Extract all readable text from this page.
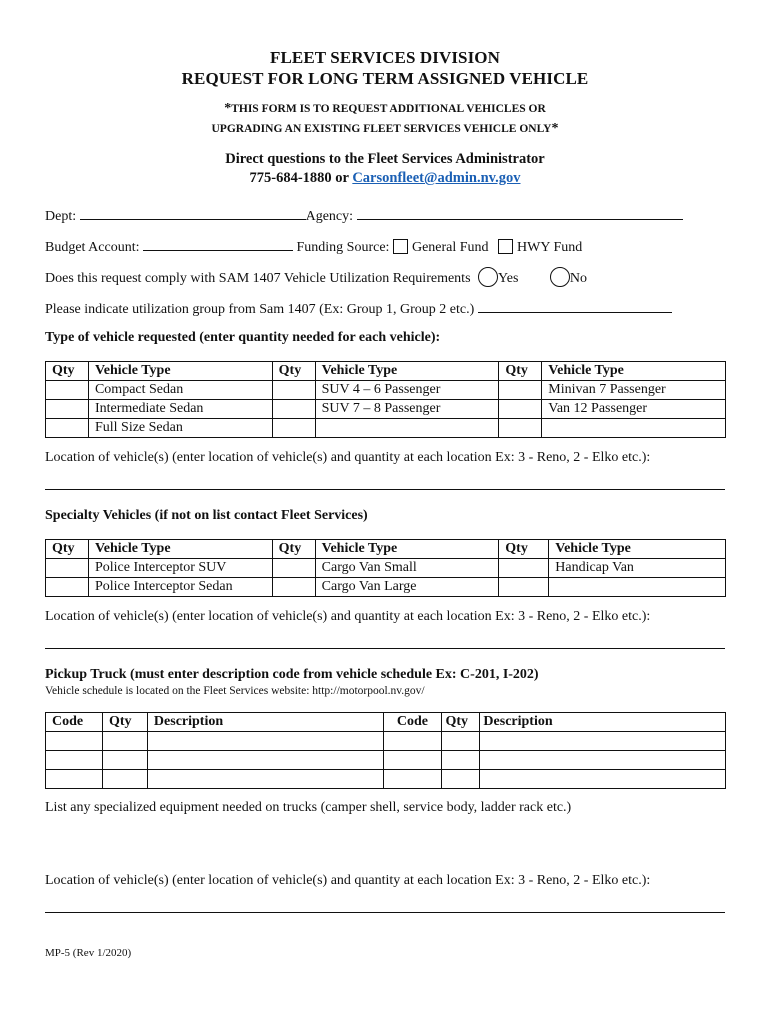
FLEET SERVICES DIVISION
REQUEST FOR LONG TERM ASSIGNED VEHICLE
*THIS FORM IS TO REQUEST ADDITIONAL VEHICLES OR
UPGRADING AN EXISTING FLEET SERVICES VEHICLE ONLY*
Direct questions to the Fleet Services Administrator
775-684-1880 or Carsonfleet@admin.nv.gov
Dept:	Agency:
Budget Account:	Funding Source: General Fund HWY Fund
Does this request comply with SAM 1407 Vehicle Utilization Requirements Yes	No
Please indicate utilization group from Sam 1407 (Ex: Group 1, Group 2 etc.)
Type of vehicle requested (enter quantity needed for each vehicle):
Qty	Vehicle Type	Qty	Vehicle Type	Qty	Vehicle Type
	Compact Sedan		SUV 4 – 6 Passenger		Minivan 7 Passenger
	Intermediate Sedan		SUV 7 – 8 Passenger		Van 12 Passenger
	Full Size Sedan				
Location of vehicle(s) (enter location of vehicle(s) and quantity at each location Ex: 3 - Reno, 2 - Elko etc.):
Specialty Vehicles (if not on list contact Fleet Services)
Qty	Vehicle Type	Qty	Vehicle Type	Qty	Vehicle Type
	Police Interceptor SUV		Cargo Van Small		Handicap Van
	Police Interceptor Sedan		Cargo Van Large		
Location of vehicle(s) (enter location of vehicle(s) and quantity at each location Ex: 3 - Reno, 2 - Elko etc.):
Pickup Truck (must enter description code from vehicle schedule Ex: C-201, I-202)
Vehicle schedule is located on the Fleet Services website: http://motorpool.nv.gov/
Code	Qty	Description	Code	Qty	Description

List any specialized equipment needed on trucks (camper shell, service body, ladder rack etc.)
Location of vehicle(s) (enter location of vehicle(s) and quantity at each location Ex: 3 - Reno, 2 - Elko etc.):
MP-5 (Rev 1/2020)
